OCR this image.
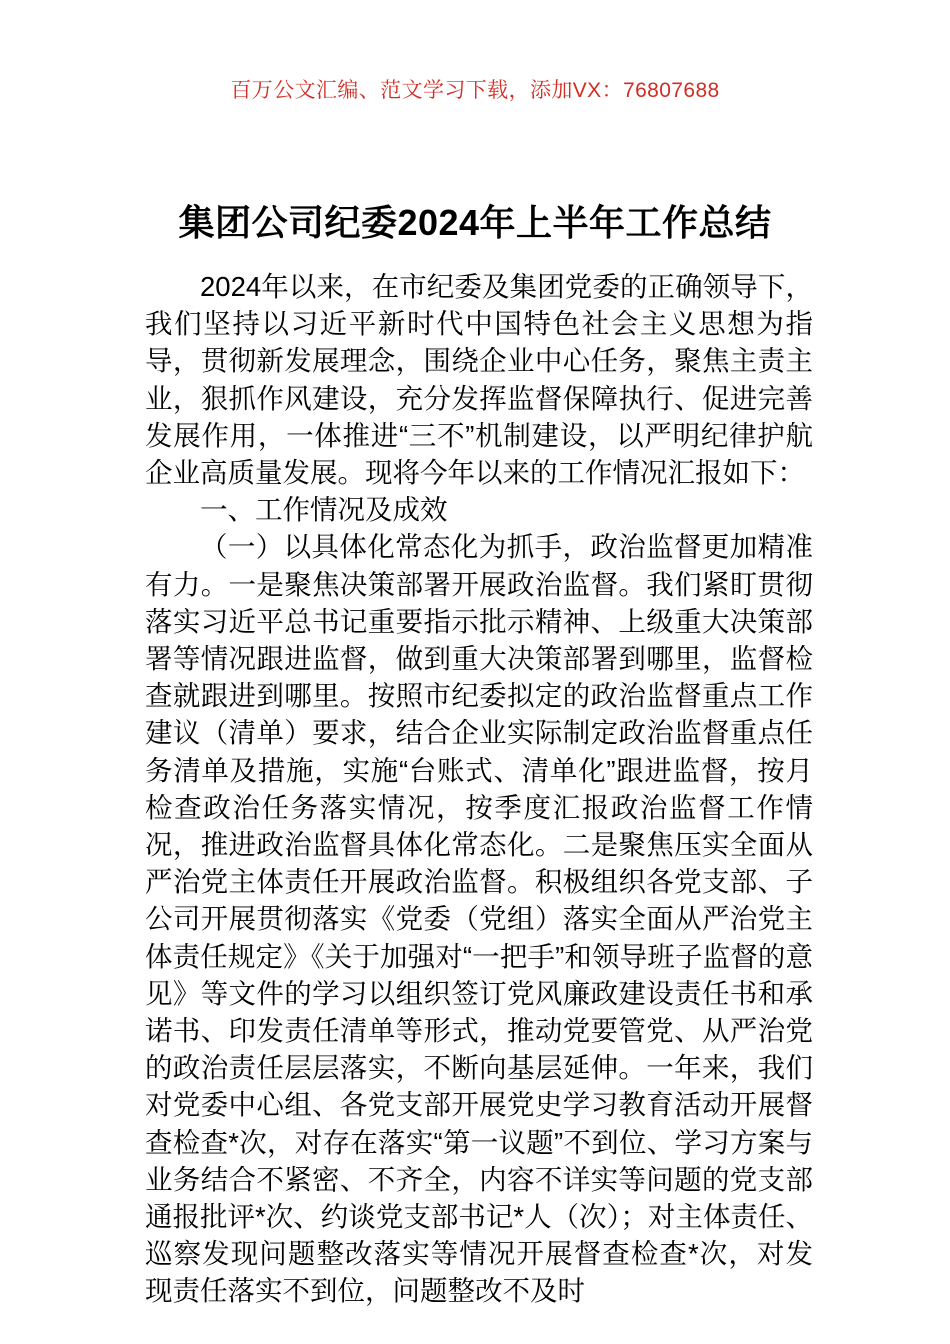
百万公文汇编、范文学习下载，添加VX：76807688
集团公司纪委2024年上半年工作总结

2024年以来，在市纪委及集团党委的正确领导下，我们坚持以习近平新时代中国特色社会主义思想为指导，贯彻新发展理念，围绕企业中心任务，聚焦主责主业，狠抓作风建设，充分发挥监督保障执行、促进完善发展作用，一体推进“三不”机制建设，以严明纪律护航企业高质量发展。现将今年以来的工作情况汇报如下：

一、工作情况及成效

（一）以具体化常态化为抓手，政治监督更加精准有力。一是聚焦决策部署开展政治监督。我们紧盯贯彻落实习近平总书记重要指示批示精神、上级重大决策部署等情况跟进监督，做到重大决策部署到哪里，监督检查就跟进到哪里。按照市纪委拟定的政治监督重点工作建议（清单）要求，结合企业实际制定政治监督重点任务清单及措施，实施“台账式、清单化”跟进监督，按月检查政治任务落实情况，按季度汇报政治监督工作情况，推进政治监督具体化常态化。二是聚焦压实全面从严治党主体责任开展政治监督。积极组织各党支部、子公司开展贯彻落实《党委（党组）落实全面从严治党主体责任规定》《关于加强对“一把手”和领导班子监督的意见》等文件的学习以组织签订党风廉政建设责任书和承诺书、印发责任清单等形式，推动党要管党、从严治党的政治责任层层落实，不断向基层延伸。一年来，我们对党委中心组、各党支部开展党史学习教育活动开展督查检查*次，对存在落实“第一议题”不到位、学习方案与业务结合不紧密、不齐全，内容不详实等问题的党支部通报批评*次、约谈党支部书记*人（次）；对主体责任、巡察发现问题整改落实等情况开展督查检查*次，对发现责任落实不到位，问题整改不及时
